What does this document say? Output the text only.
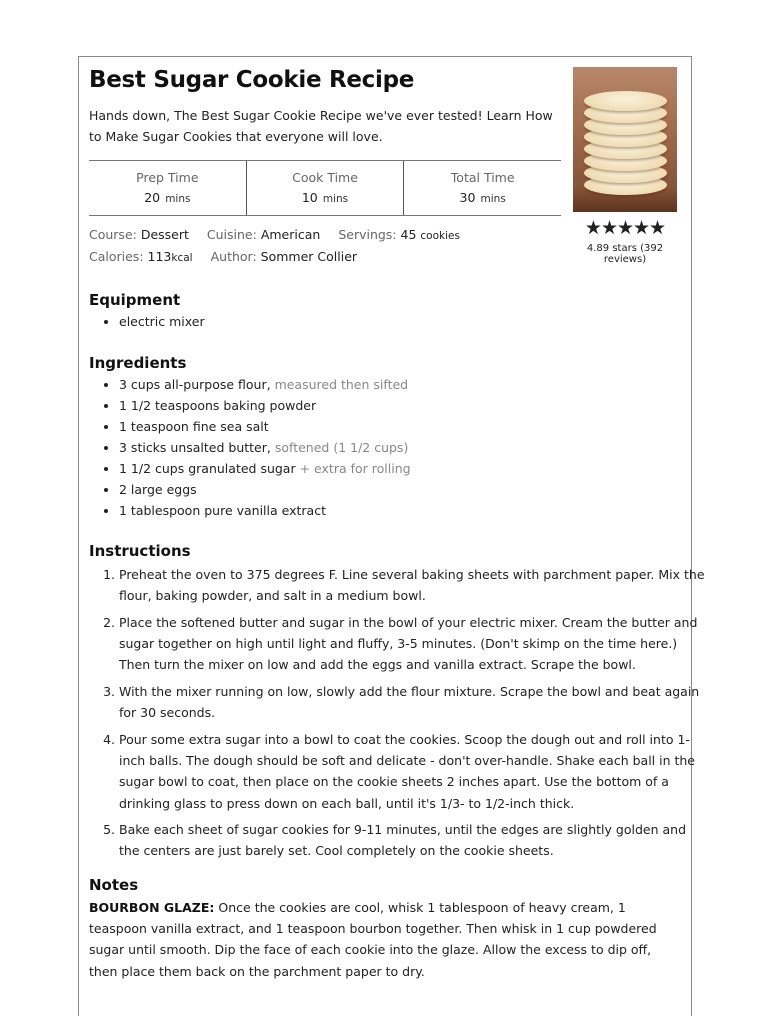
Best Sugar Cookie Recipe
Hands down, The Best Sugar Cookie Recipe we've ever tested! Learn How to Make Sugar Cookies that everyone will love.
Prep Time
20 mins
Cook Time
10 mins
Total Time
30 mins
Course: Dessert Cuisine: American Servings: 45 cookies
Calories: 113kcal Author: Sommer Collier
★★★★★
4.89 stars (392 reviews)
Equipment
• electric mixer
Ingredients
• 3 cups all-purpose flour, measured then sifted
• 1 1/2 teaspoons baking powder
• 1 teaspoon fine sea salt
• 3 sticks unsalted butter, softened (1 1/2 cups)
• 1 1/2 cups granulated sugar + extra for rolling
• 2 large eggs
• 1 tablespoon pure vanilla extract
Instructions
1. Preheat the oven to 375 degrees F. Line several baking sheets with parchment paper. Mix the flour, baking powder, and salt in a medium bowl.
2. Place the softened butter and sugar in the bowl of your electric mixer. Cream the butter and sugar together on high until light and fluffy, 3-5 minutes. (Don't skimp on the time here.) Then turn the mixer on low and add the eggs and vanilla extract. Scrape the bowl.
3. With the mixer running on low, slowly add the flour mixture. Scrape the bowl and beat again for 30 seconds.
4. Pour some extra sugar into a bowl to coat the cookies. Scoop the dough out and roll into 1-inch balls. The dough should be soft and delicate - don't over-handle. Shake each ball in the sugar bowl to coat, then place on the cookie sheets 2 inches apart. Use the bottom of a drinking glass to press down on each ball, until it's 1/3- to 1/2-inch thick.
5. Bake each sheet of sugar cookies for 9-11 minutes, until the edges are slightly golden and the centers are just barely set. Cool completely on the cookie sheets.
Notes
BOURBON GLAZE: Once the cookies are cool, whisk 1 tablespoon of heavy cream, 1 teaspoon vanilla extract, and 1 teaspoon bourbon together. Then whisk in 1 cup powdered sugar until smooth. Dip the face of each cookie into the glaze. Allow the excess to dip off, then place them back on the parchment paper to dry.
